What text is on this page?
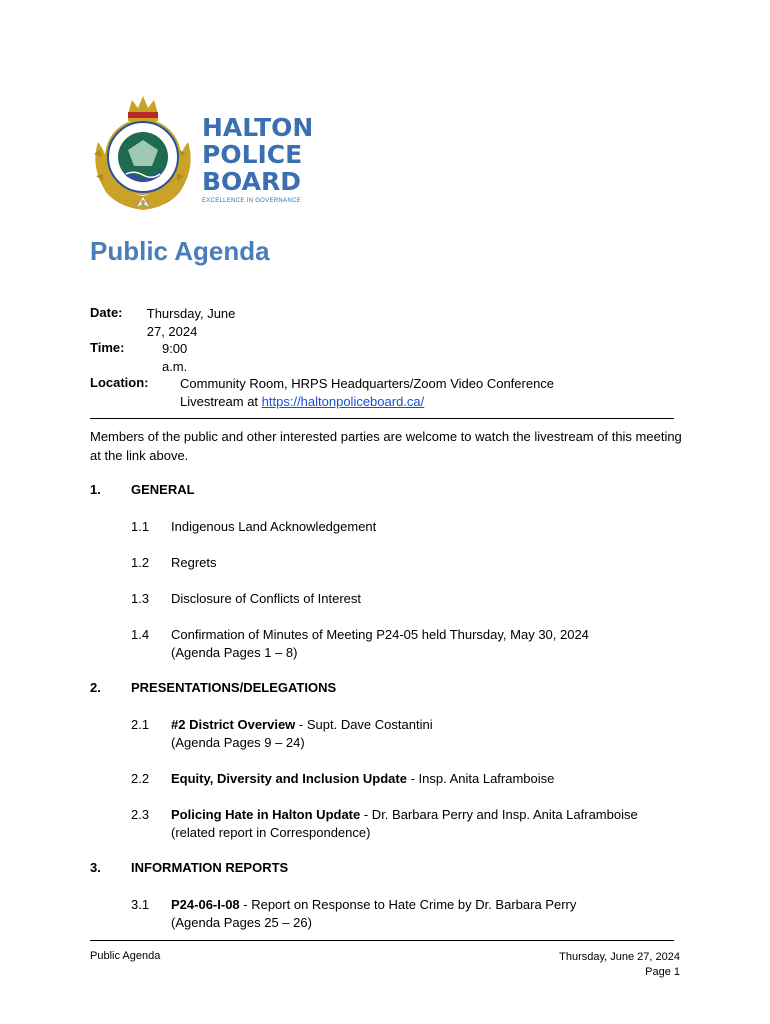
HALTON
POLICE
BOARD
EXCELLENCE IN GOVERNANCE
Public Agenda
Date:	Thursday, June 27, 2024
Time:	9:00 a.m.
Location:	Community Room, HRPS Headquarters/Zoom Video Conference
Livestream at https://haltonpoliceboard.ca/

Members of the public and other interested parties are welcome to watch the livestream of this meeting at the link above.

1. GENERAL
1.1	Indigenous Land Acknowledgement
1.2	Regrets
1.3	Disclosure of Conflicts of Interest
1.4	Confirmation of Minutes of Meeting P24-05 held Thursday, May 30, 2024
(Agenda Pages 1 – 8)
2. PRESENTATIONS/DELEGATIONS
2.1	#2 District Overview - Supt. Dave Costantini
(Agenda Pages 9 – 24)
2.2	Equity, Diversity and Inclusion Update - Insp. Anita Laframboise
2.3	Policing Hate in Halton Update - Dr. Barbara Perry and Insp. Anita Laframboise
(related report in Correspondence)
3. INFORMATION REPORTS
3.1	P24-06-I-08 - Report on Response to Hate Crime by Dr. Barbara Perry
(Agenda Pages 25 – 26)
Public Agenda	Thursday, June 27, 2024
Page 1
